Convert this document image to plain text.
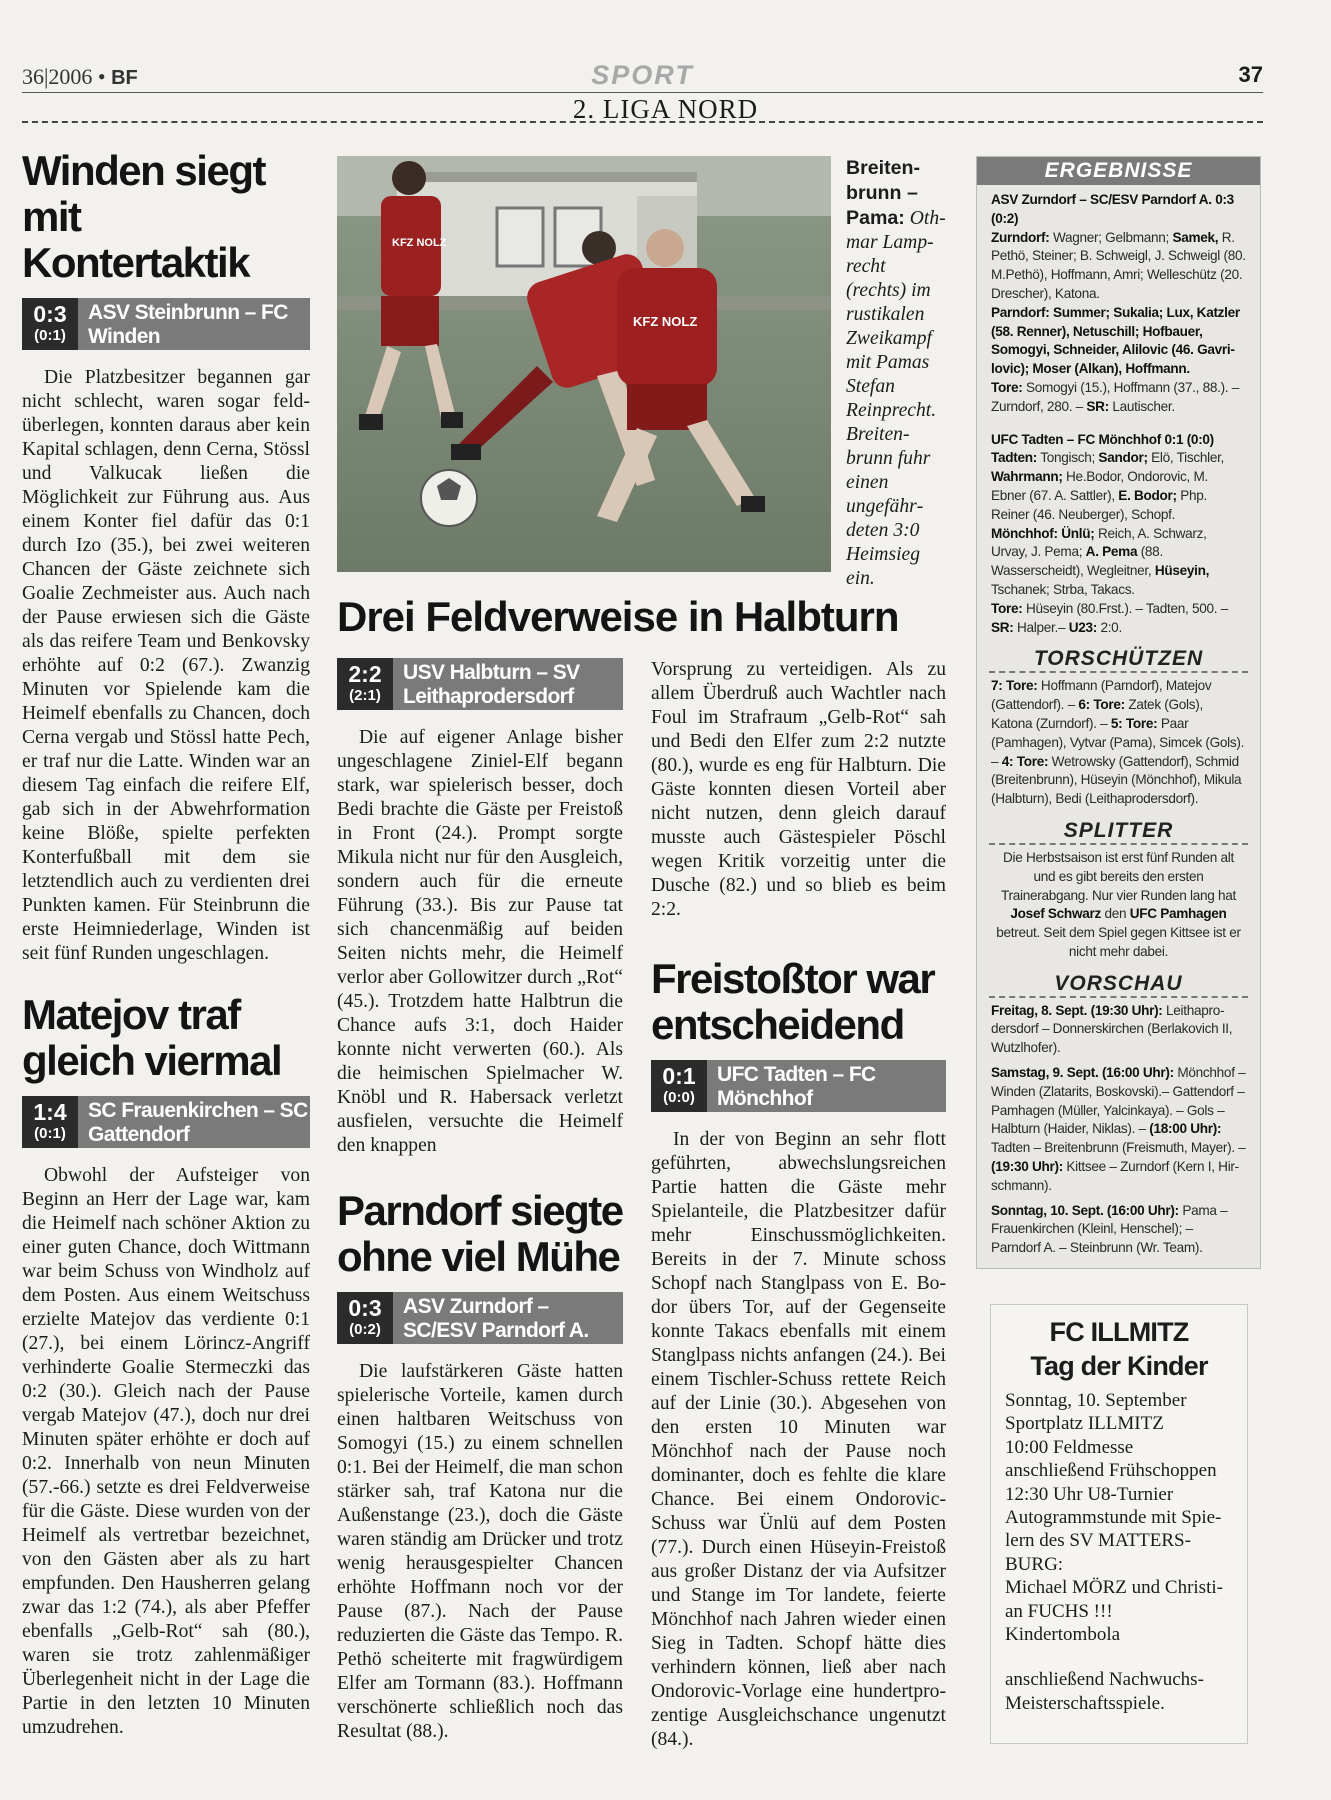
36|2006 • BF	SPORT	37
2. LIGA NORD
Winden siegt mit Kontertaktik
0:3
(0:1)
ASV Steinbrunn – FC Winden
Die Platzbesitzer begannen gar nicht schlecht, waren sogar feldüberlegen, konnten daraus aber kein Kapital schlagen, denn Cerna, Stössl und Valkucak ließen die Möglichkeit zur Führung aus. Aus einem Konter fiel dafür das 0:1 durch Izo (35.), bei zwei weiteren Chancen der Gäste zeichnete sich Goalie Zechmeister aus. Auch nach der Pause erwiesen sich die Gäste als das reifere Team und Benkovsky erhöhte auf 0:2 (67.). Zwanzig Minuten vor Spielende kam die Heimelf ebenfalls zu Chancen, doch Cerna vergab und Stössl hatte Pech, er traf nur die Latte. Winden war an diesem Tag einfach die reifere Elf, gab sich in der Abwehrformation keine Blöße, spielte perfekten Konterfußball mit dem sie letztendlich auch zu verdienten drei Punkten kamen. Für Steinbrunn die erste Heimniederlage, Winden ist seit fünf Runden ungeschlagen.
Matejov traf gleich viermal
1:4
(0:1)
SC Frauenkirchen – SC Gattendorf
Obwohl der Aufsteiger von Beginn an Herr der Lage war, kam die Heimelf nach schöner Aktion zu einer guten Chance, doch Wittmann war beim Schuss von Windholz auf dem Posten. Aus einem Weitschuss erzielte Matejov das verdiente 0:1 (27.), bei einem Lörincz-Angriff verhinderte Goalie Stermeczki das 0:2 (30.). Gleich nach der Pause vergab Matejov (47.), doch nur drei Minuten später erhöhte er doch auf 0:2. Innerhalb von neun Minuten (57.-66.) setzte es drei Feldverweise für die Gäste. Diese wurden von der Heimelf als vertretbar bezeichnet, von den Gästen aber als zu hart empfunden. Den Hausherren gelang zwar das 1:2 (74.), als aber Pfeffer ebenfalls „Gelb-Rot“ sah (80.), waren sie trotz zahlenmäßiger Überlegenheit nicht in der Lage die Partie in den letzten 10 Minuten umzudrehen.
KFZ NOLZ
KFZ NOLZ
Breitenbrunn – Pama: Othmar Lamprecht (rechts) im rustikalen Zweikampf mit Pamas Stefan Reinprecht. Breitenbrunn fuhr einen ungefährdeten 3:0 Heimsieg ein.
Drei Feldverweise in Halbturn
2:2
(2:1)
USV Halbturn – SV Leithaprodersdorf
Die auf eigener Anlage bisher ungeschlagene Ziniel-Elf begann stark, war spielerisch besser, doch Bedi brachte die Gäste per Freistoß in Front (24.). Prompt sorgte Mikula nicht nur für den Ausgleich, sondern auch für die erneute Führung (33.). Bis zur Pause tat sich chancenmäßig auf beiden Seiten nichts mehr, die Heimelf verlor aber Gollowitzer durch „Rot“ (45.). Trotzdem hatte Halbtrun die Chance aufs 3:1, doch Haider konnte nicht verwerten (60.). Als die heimischen Spielmacher W. Knöbl und R. Habersack verletzt ausfielen, versuchte die Heimelf den knappen
Parndorf siegte ohne viel Mühe
0:3
(0:2)
ASV Zurndorf – SC/ESV Parndorf A.
Die laufstärkeren Gäste hatten spielerische Vorteile, kamen durch einen haltbaren Weitschuss von Somogyi (15.) zu einem schnellen 0:1. Bei der Heimelf, die man schon stärker sah, traf Katona nur die Außenstange (23.), doch die Gäste waren ständig am Drücker und trotz wenig herausgespielter Chancen erhöhte Hoffmann noch vor der Pause (87.). Nach der Pause reduzierten die Gäste das Tempo. R. Pethö scheiterte mit fragwürdigem Elfer am Tormann (83.). Hoffmann verschönerte schließlich noch das Resultat (88.).
Vorsprung zu verteidigen. Als zu allem Überdruß auch Wachtler nach Foul im Strafraum „Gelb-Rot“ sah und Bedi den Elfer zum 2:2 nutzte (80.), wurde es eng für Halbturn. Die Gäste konnten diesen Vorteil aber nicht nutzen, denn gleich darauf musste auch Gästespieler Pöschl wegen Kritik vorzeitig unter die Dusche (82.) und so blieb es beim 2:2.
Freistoßtor war entscheidend
0:1
(0:0)
UFC Tadten – FC Mönchhof
In der von Beginn an sehr flott geführten, abwechslungsreichen Partie hatten die Gäste mehr Spielanteile, die Platzbesitzer dafür mehr Einschussmöglichkeiten. Bereits in der 7. Minute schoss Schopf nach Stanglpass von E. Bodor übers Tor, auf der Gegenseite konnte Takacs ebenfalls mit einem Stanglpass nichts anfangen (24.). Bei einem Tischler-Schuss rettete Reich auf der Linie (30.). Abgesehen von den ersten 10 Minuten war Mönchhof nach der Pause noch dominanter, doch es fehlte die klare Chance. Bei einem Ondorovic-Schuss war Ünlü auf dem Posten (77.). Durch einen Hüseyin-Freistoß aus großer Distanz der via Aufsitzer und Stange im Tor landete, feierte Mönchhof nach Jahren wieder einen Sieg in Tadten. Schopf hätte dies verhindern können, ließ aber nach Ondorovic-Vorlage eine hundertprozentige Ausgleichschance ungenutzt (84.).
ERGEBNISSE

ASV Zurndorf – SC/ESV Parndorf A. 0:3 (0:2)
Zurndorf: Wagner; Gelbmann; Samek, R. Pethö, Steiner; B. Schweigl, J. Schweigl (80. M.Pethö), Hoffmann, Amri; Welleschütz (20. Drescher), Katona.
Parndorf: Summer; Sukalia; Lux, Katzler (58. Renner), Netuschill; Hofbauer, Somogyi, Schneider, Alilovic (46. Gavrilovic); Moser (Alkan), Hoffmann.
Tore: Somogyi (15.), Hoffmann (37., 88.). – Zurndorf, 280. – SR: Lautischer.

UFC Tadten – FC Mönchhof 0:1 (0:0)
Tadten: Tongisch; Sandor; Elö, Tischler, Wahrmann; He.Bodor, Ondorovic, M. Ebner (67. A. Sattler), E. Bodor; Php. Reiner (46. Neuberger), Schopf.
Mönchhof: Ünlü; Reich, A. Schwarz, Urvay, J. Pema; A. Pema (88. Wasserscheidt), Wegleitner, Hüseyin, Tschanek; Strba, Takacs.
Tore: Hüseyin (80.Frst.). – Tadten, 500. – SR: Halper.– U23: 2:0.

TORSCHÜTZEN

7: Tore: Hoffmann (Parndorf), Matejov (Gattendorf). – 6: Tore: Zatek (Gols), Katona (Zurndorf). – 5: Tore: Paar (Pamhagen), Vytvar (Pama), Simcek (Gols). – 4: Tore: Wetrowsky (Gattendorf), Schmid (Breitenbrunn), Hüseyin (Mönchhof), Mikula (Halbturn), Bedi (Leithaprodersdorf).

SPLITTER

Die Herbstsaison ist erst fünf Runden alt und es gibt bereits den ersten Trainerabgang. Nur vier Runden lang hat Josef Schwarz den UFC Pamhagen betreut. Seit dem Spiel gegen Kittsee ist er nicht mehr dabei.

VORSCHAU

Freitag, 8. Sept. (19:30 Uhr): Leithaprodersdorf – Donnerskirchen (Berlakovich II, Wutzlhofer).

Samstag, 9. Sept. (16:00 Uhr): Mönchhof – Winden (Zlatarits, Boskovski).– Gattendorf – Pamhagen (Müller, Yalcinkaya). – Gols – Halbturn (Haider, Niklas). – (18:00 Uhr): Tadten – Breitenbrunn (Freismuth, Mayer). – (19:30 Uhr): Kittsee – Zurndorf (Kern I, Hirschmann).

Sonntag, 10. Sept. (16:00 Uhr): Pama – Frauenkirchen (Kleinl, Henschel); – Parndorf A. – Steinbrunn (Wr. Team).

FC ILLMITZ
Tag der Kinder
Sonntag, 10. September
Sportplatz ILLMITZ
10:00 Feldmesse
anschließend Frühschoppen
12:30 Uhr U8-Turnier
Autogrammstunde mit Spielern des SV MATTERSBURG:
Michael MÖRZ und Christian FUCHS !!!
Kindertombola
anschließend Nachwuchs-Meisterschaftsspiele.
